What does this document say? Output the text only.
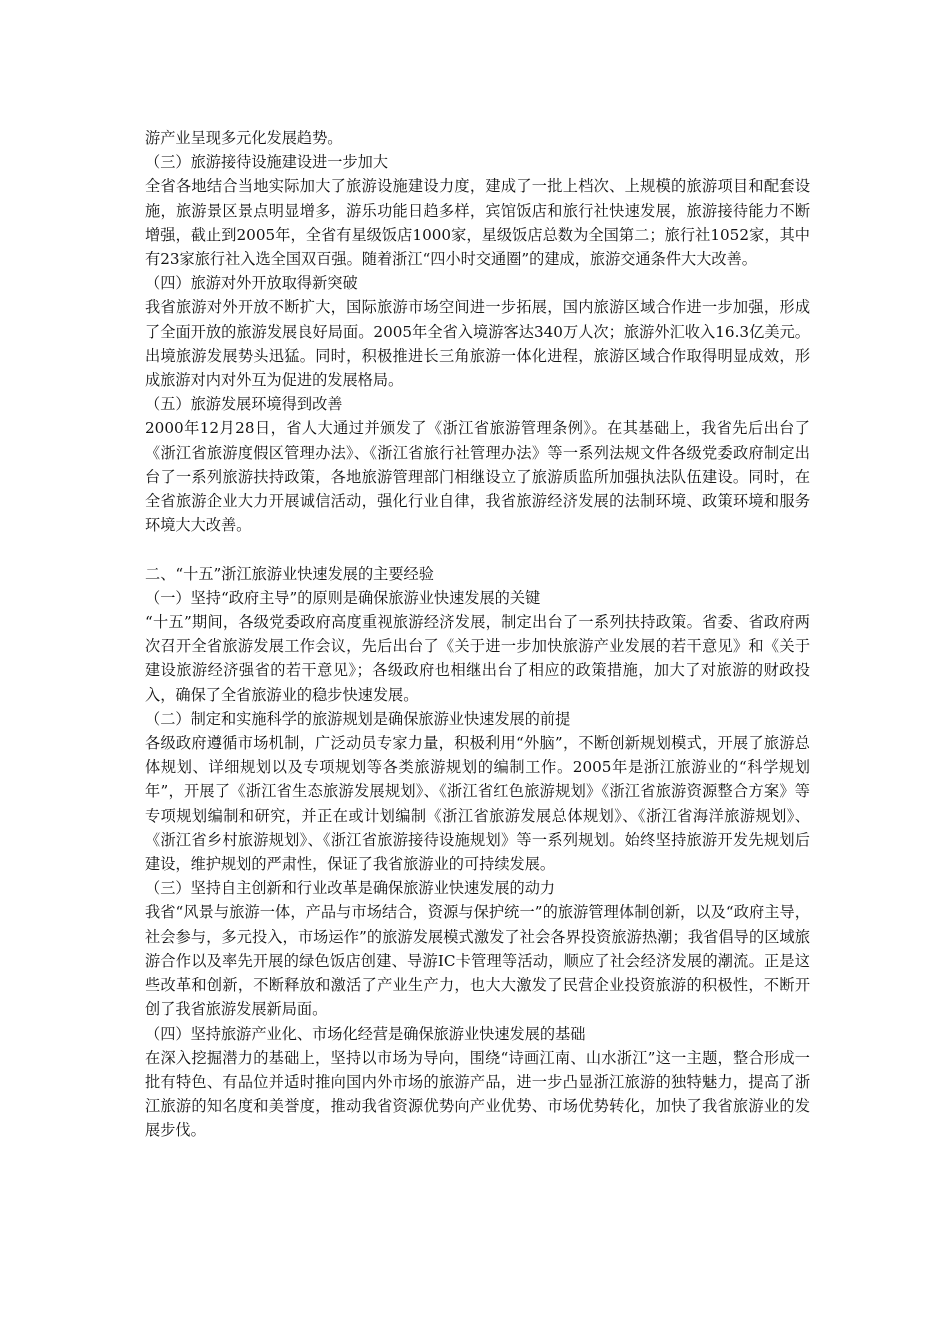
游产业呈现多元化发展趋势。

（三）旅游接待设施建设进一步加大

全省各地结合当地实际加大了旅游设施建设力度，建成了一批上档次、上规模的旅游项目和配套设施，旅游景区景点明显增多，游乐功能日趋多样，宾馆饭店和旅行社快速发展，旅游接待能力不断增强，截止到2005年，全省有星级饭店1000家，星级饭店总数为全国第二；旅行社1052家，其中有23家旅行社入选全国双百强。随着浙江“四小时交通圈”的建成，旅游交通条件大大改善。

（四）旅游对外开放取得新突破

我省旅游对外开放不断扩大，国际旅游市场空间进一步拓展，国内旅游区域合作进一步加强，形成了全面开放的旅游发展良好局面。2005年全省入境游客达340万人次；旅游外汇收入16.3亿美元。出境旅游发展势头迅猛。同时，积极推进长三角旅游一体化进程，旅游区域合作取得明显成效，形成旅游对内对外互为促进的发展格局。

（五）旅游发展环境得到改善

2000年12月28日，省人大通过并颁发了《浙江省旅游管理条例》。在其基础上，我省先后出台了《浙江省旅游度假区管理办法》、《浙江省旅行社管理办法》等一系列法规文件各级党委政府制定出台了一系列旅游扶持政策，各地旅游管理部门相继设立了旅游质监所加强执法队伍建设。同时，在全省旅游企业大力开展诚信活动，强化行业自律，我省旅游经济发展的法制环境、政策环境和服务环境大大改善。

二、“十五”浙江旅游业快速发展的主要经验

（一）坚持“政府主导”的原则是确保旅游业快速发展的关键

“十五”期间，各级党委政府高度重视旅游经济发展，制定出台了一系列扶持政策。省委、省政府两次召开全省旅游发展工作会议，先后出台了《关于进一步加快旅游产业发展的若干意见》和《关于建设旅游经济强省的若干意见》；各级政府也相继出台了相应的政策措施，加大了对旅游的财政投入，确保了全省旅游业的稳步快速发展。

（二）制定和实施科学的旅游规划是确保旅游业快速发展的前提

各级政府遵循市场机制，广泛动员专家力量，积极利用“外脑”，不断创新规划模式，开展了旅游总体规划、详细规划以及专项规划等各类旅游规划的编制工作。2005年是浙江旅游业的“科学规划年”，开展了《浙江省生态旅游发展规划》、《浙江省红色旅游规划》《浙江省旅游资源整合方案》等专项规划编制和研究，并正在或计划编制《浙江省旅游发展总体规划》、《浙江省海洋旅游规划》、《浙江省乡村旅游规划》、《浙江省旅游接待设施规划》等一系列规划。始终坚持旅游开发先规划后建设，维护规划的严肃性，保证了我省旅游业的可持续发展。

（三）坚持自主创新和行业改革是确保旅游业快速发展的动力

我省“风景与旅游一体，产品与市场结合，资源与保护统一”的旅游管理体制创新，以及“政府主导，社会参与，多元投入，市场运作”的旅游发展模式激发了社会各界投资旅游热潮；我省倡导的区域旅游合作以及率先开展的绿色饭店创建、导游IC卡管理等活动，顺应了社会经济发展的潮流。正是这些改革和创新，不断释放和激活了产业生产力，也大大激发了民营企业投资旅游的积极性，不断开创了我省旅游发展新局面。

（四）坚持旅游产业化、市场化经营是确保旅游业快速发展的基础

在深入挖掘潜力的基础上，坚持以市场为导向，围绕“诗画江南、山水浙江”这一主题，整合形成一批有特色、有品位并适时推向国内外市场的旅游产品，进一步凸显浙江旅游的独特魅力，提高了浙江旅游的知名度和美誉度，推动我省资源优势向产业优势、市场优势转化，加快了我省旅游业的发展步伐。
